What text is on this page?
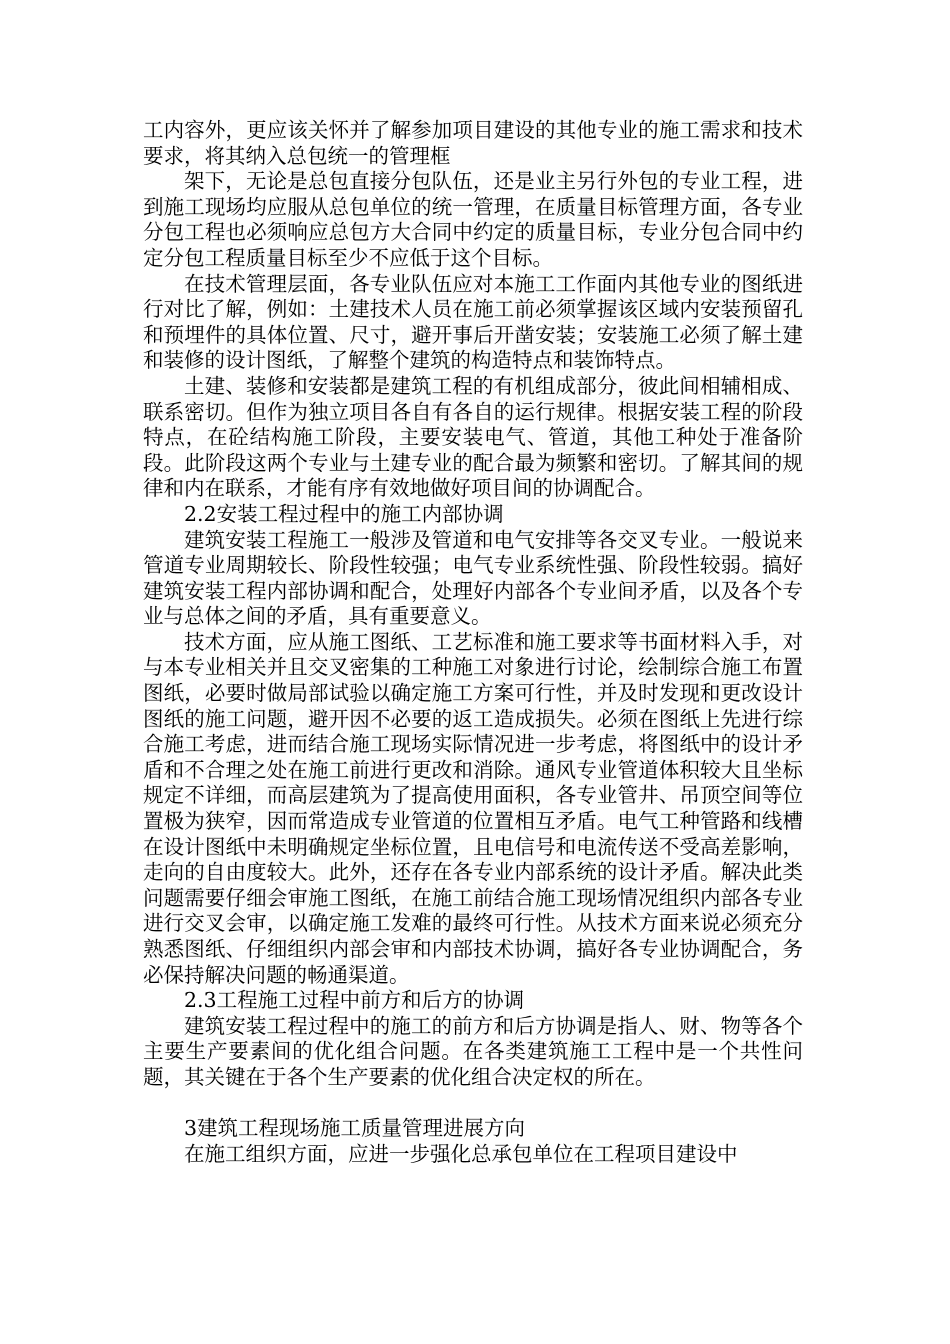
工内容外，更应该关怀并了解参加项目建设的其他专业的施工需求和技术要求，将其纳入总包统一的管理框

架下，无论是总包直接分包队伍，还是业主另行外包的专业工程，进到施工现场均应服从总包单位的统一管理，在质量目标管理方面，各专业分包工程也必须响应总包方大合同中约定的质量目标，专业分包合同中约定分包工程质量目标至少不应低于这个目标。

在技术管理层面，各专业队伍应对本施工工作面内其他专业的图纸进行对比了解，例如：土建技术人员在施工前必须掌握该区域内安装预留孔和预埋件的具体位置、尺寸，避开事后开凿安装；安装施工必须了解土建和装修的设计图纸，了解整个建筑的构造特点和装饰特点。

土建、装修和安装都是建筑工程的有机组成部分，彼此间相辅相成、联系密切。但作为独立项目各自有各自的运行规律。根据安装工程的阶段特点，在砼结构施工阶段，主要安装电气、管道，其他工种处于准备阶段。此阶段这两个专业与土建专业的配合最为频繁和密切。了解其间的规律和内在联系，才能有序有效地做好项目间的协调配合。

2.2安装工程过程中的施工内部协调

建筑安装工程施工一般涉及管道和电气安排等各交叉专业。一般说来管道专业周期较长、阶段性较强；电气专业系统性强、阶段性较弱。搞好建筑安装工程内部协调和配合，处理好内部各个专业间矛盾，以及各个专业与总体之间的矛盾，具有重要意义。

技术方面，应从施工图纸、工艺标准和施工要求等书面材料入手，对与本专业相关并且交叉密集的工种施工对象进行讨论，绘制综合施工布置图纸，必要时做局部试验以确定施工方案可行性，并及时发现和更改设计图纸的施工问题，避开因不必要的返工造成损失。必须在图纸上先进行综合施工考虑，进而结合施工现场实际情况进一步考虑，将图纸中的设计矛盾和不合理之处在施工前进行更改和消除。通风专业管道体积较大且坐标规定不详细，而高层建筑为了提高使用面积，各专业管井、吊顶空间等位置极为狭窄，因而常造成专业管道的位置相互矛盾。电气工种管路和线槽在设计图纸中未明确规定坐标位置，且电信号和电流传送不受高差影响，走向的自由度较大。此外，还存在各专业内部系统的设计矛盾。解决此类问题需要仔细会审施工图纸，在施工前结合施工现场情况组织内部各专业进行交叉会审，以确定施工发难的最终可行性。从技术方面来说必须充分熟悉图纸、仔细组织内部会审和内部技术协调，搞好各专业协调配合，务必保持解决问题的畅通渠道。

2.3工程施工过程中前方和后方的协调

建筑安装工程过程中的施工的前方和后方协调是指人、财、物等各个主要生产要素间的优化组合问题。在各类建筑施工工程中是一个共性问题，其关键在于各个生产要素的优化组合决定权的所在。

3建筑工程现场施工质量管理进展方向

在施工组织方面，应进一步强化总承包单位在工程项目建设中
